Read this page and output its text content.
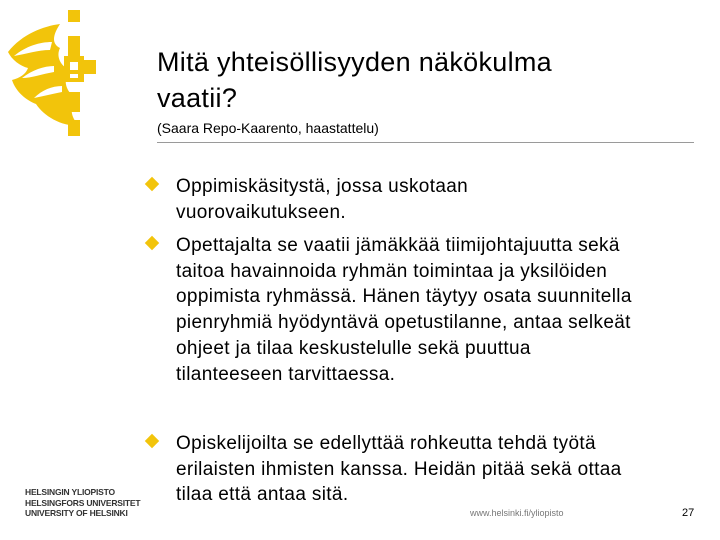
Mitä yhteisöllisyyden näkökulma
vaatii?
(Saara Repo-Kaarento, haastattelu)
Oppimiskäsitystä, jossa uskotaan
vuorovaikutukseen.
Opettajalta se vaatii jämäkkää tiimijohtajuutta sekä
taitoa havainnoida ryhmän toimintaa ja yksilöiden
oppimista ryhmässä. Hänen täytyy osata suunnitella
pienryhmiä hyödyntävä opetustilanne, antaa selkeät
ohjeet ja tilaa keskustelulle sekä puuttua
tilanteeseen tarvittaessa.
Opiskelijoilta se edellyttää rohkeutta tehdä työtä
erilaisten ihmisten kanssa. Heidän pitää sekä ottaa
tilaa että antaa sitä.
HELSINGIN YLIOPISTO
HELSINGFORS UNIVERSITET
UNIVERSITY OF HELSINKI	www.helsinki.fi/yliopisto	27
